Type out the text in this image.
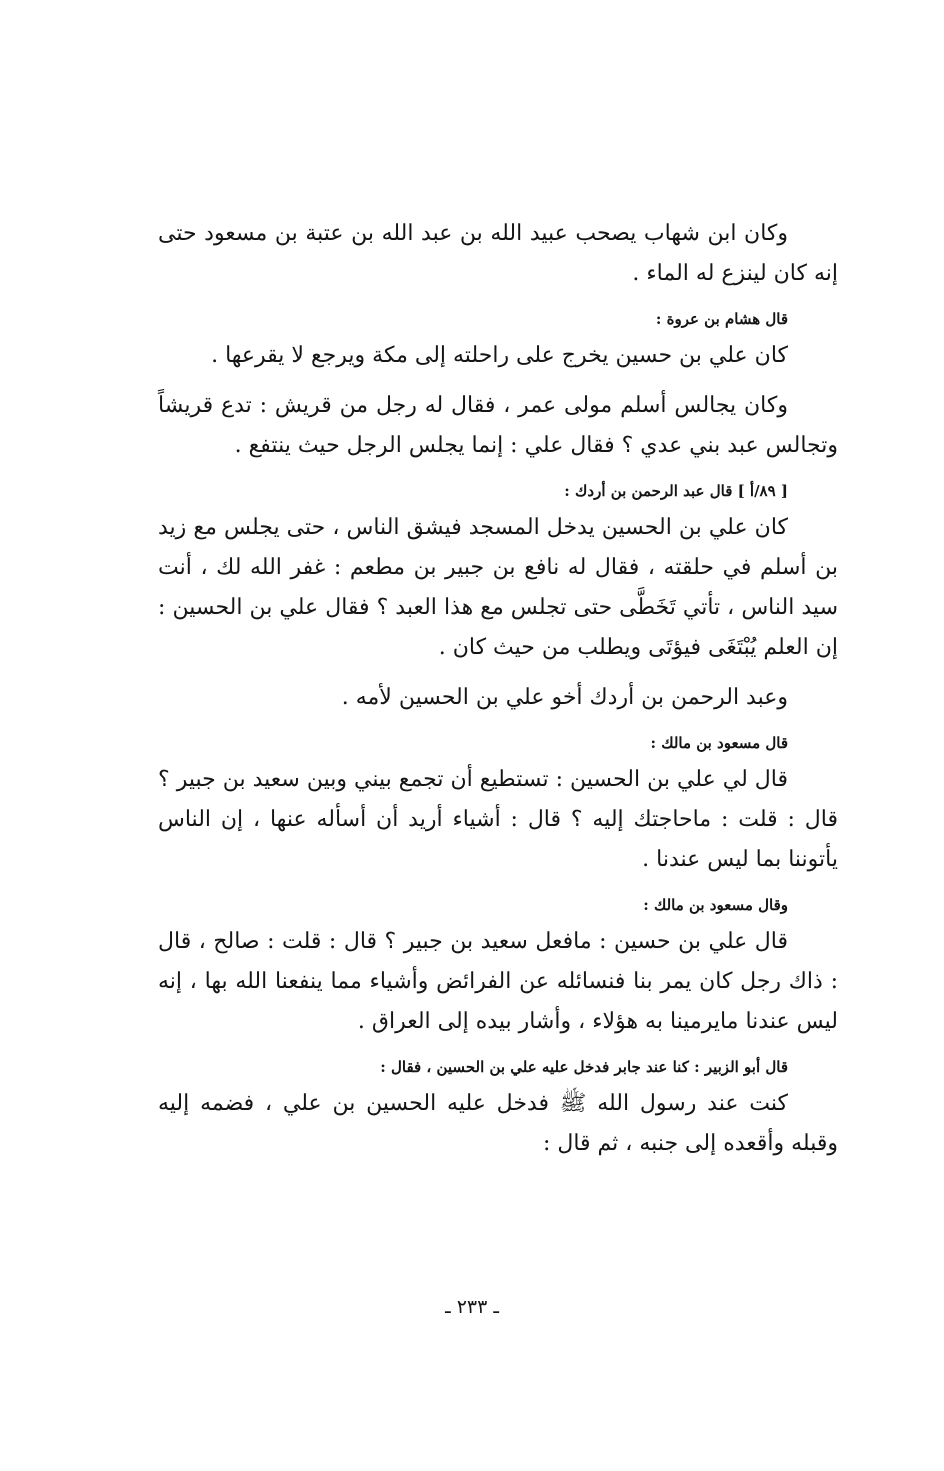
وكان ابن شهاب يصحب عبيد الله بن عبد الله بن عتبة بن مسعود حتى إنه كان لينزع له الماء .

قال هشام بن عروة :

كان علي بن حسين يخرج على راحلته إلى مكة ويرجع لا يقرعها .

وكان يجالس أسلم مولى عمر ، فقال له رجل من قريش : تدع قريشاً وتجالس عبد بني عدي ؟ فقال علي : إنما يجلس الرجل حيث ينتفع .

[ ٨٩/أ ] قال عبد الرحمن بن أردك :

كان علي بن الحسين يدخل المسجد فيشق الناس ، حتى يجلس مع زيد بن أسلم في حلقته ، فقال له نافع بن جبير بن مطعم : غفر الله لك ، أنت سيد الناس ، تأتي تَخَطَّى حتى تجلس مع هذا العبد ؟ فقال علي بن الحسين : إن العلم يُبْتَغَى فيؤتَى ويطلب من حيث كان .

وعبد الرحمن بن أردك أخو علي بن الحسين لأمه .

قال مسعود بن مالك :

قال لي علي بن الحسين : تستطيع أن تجمع بيني وبين سعيد بن جبير ؟ قال : قلت : ماحاجتك إليه ؟ قال : أشياء أريد أن أسأله عنها ، إن الناس يأتوننا بما ليس عندنا .

وقال مسعود بن مالك :

قال علي بن حسين : مافعل سعيد بن جبير ؟ قال : قلت : صالح ، قال : ذاك رجل كان يمر بنا فنسائله عن الفرائض وأشياء مما ينفعنا الله بها ، إنه ليس عندنا مايرمينا به هؤلاء ، وأشار بيده إلى العراق .

قال أبو الزبير : كنا عند جابر فدخل عليه علي بن الحسين ، فقال :

كنت عند رسول الله ﷺ فدخل عليه الحسين بن علي ، فضمه إليه وقبله وأقعده إلى جنبه ، ثم قال :

ـ ٢٣٣ ـ
